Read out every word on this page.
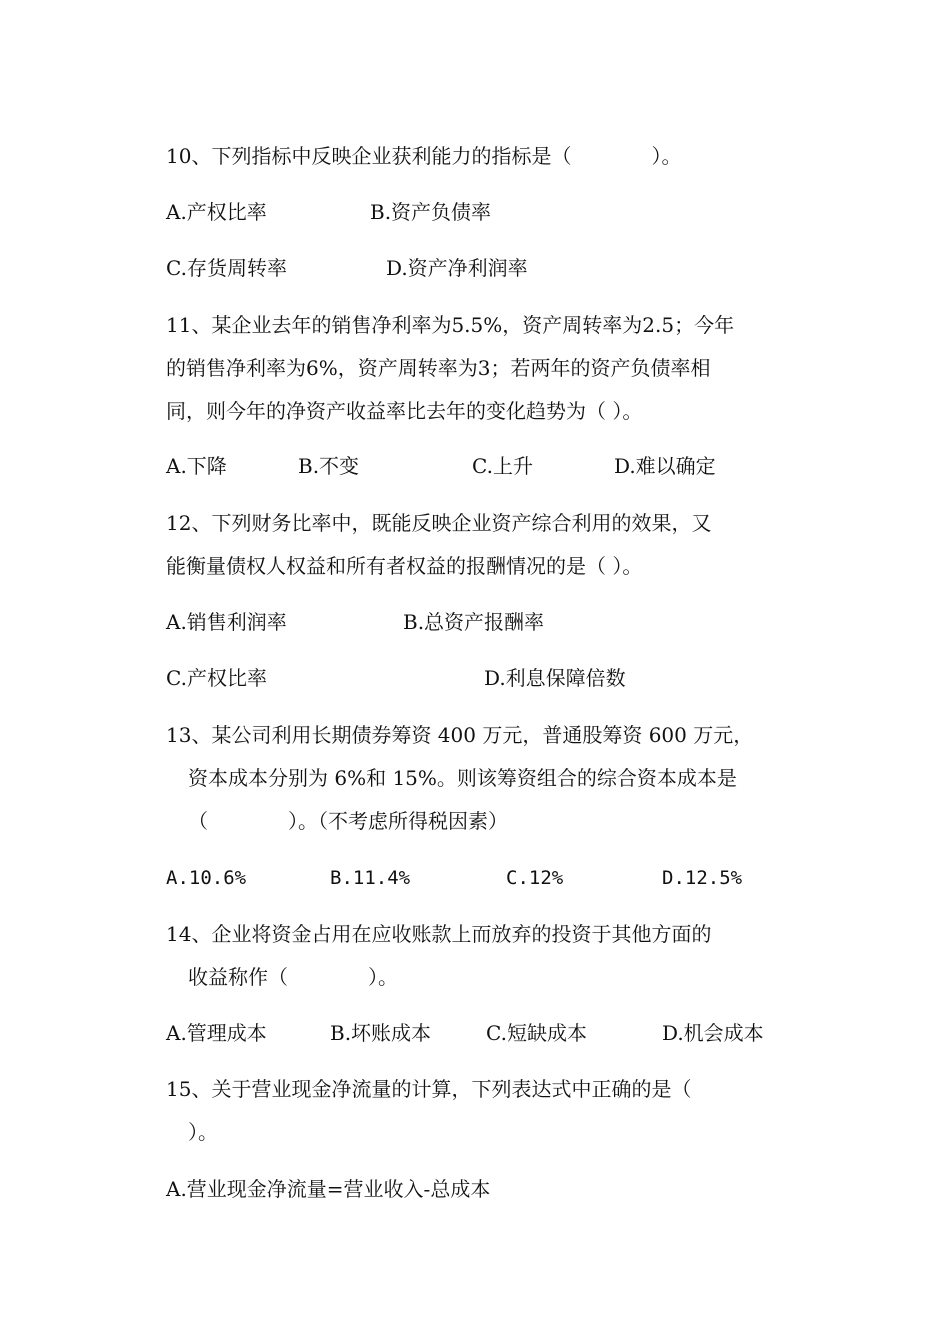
10、下列指标中反映企业获利能力的指标是（　　　　）。
A.产权比率	B.资产负债率
C.存货周转率	D.资产净利润率
11、某企业去年的销售净利率为5.5%，资产周转率为2.5；今年
的销售净利率为6%，资产周转率为3；若两年的资产负债率相
同，则今年的净资产收益率比去年的变化趋势为（ ）。
A.下降	B.不变	C.上升	D.难以确定
12、下列财务比率中，既能反映企业资产综合利用的效果，又
能衡量债权人权益和所有者权益的报酬情况的是（ ）。
A.销售利润率	B.总资产报酬率
C.产权比率	D.利息保障倍数
13、某公司利用长期债券筹资 400 万元，普通股筹资 600 万元，
资本成本分别为 6%和 15%。则该筹资组合的综合资本成本是
（　　　　）。（不考虑所得税因素）
A.10.6%	B.11.4%	C.12%	D.12.5%
14、企业将资金占用在应收账款上而放弃的投资于其他方面的
收益称作（　　　　）。
A.管理成本	B.坏账成本	C.短缺成本	D.机会成本
15、关于营业现金净流量的计算，下列表达式中正确的是（
）。
A.营业现金净流量=营业收入-总成本
